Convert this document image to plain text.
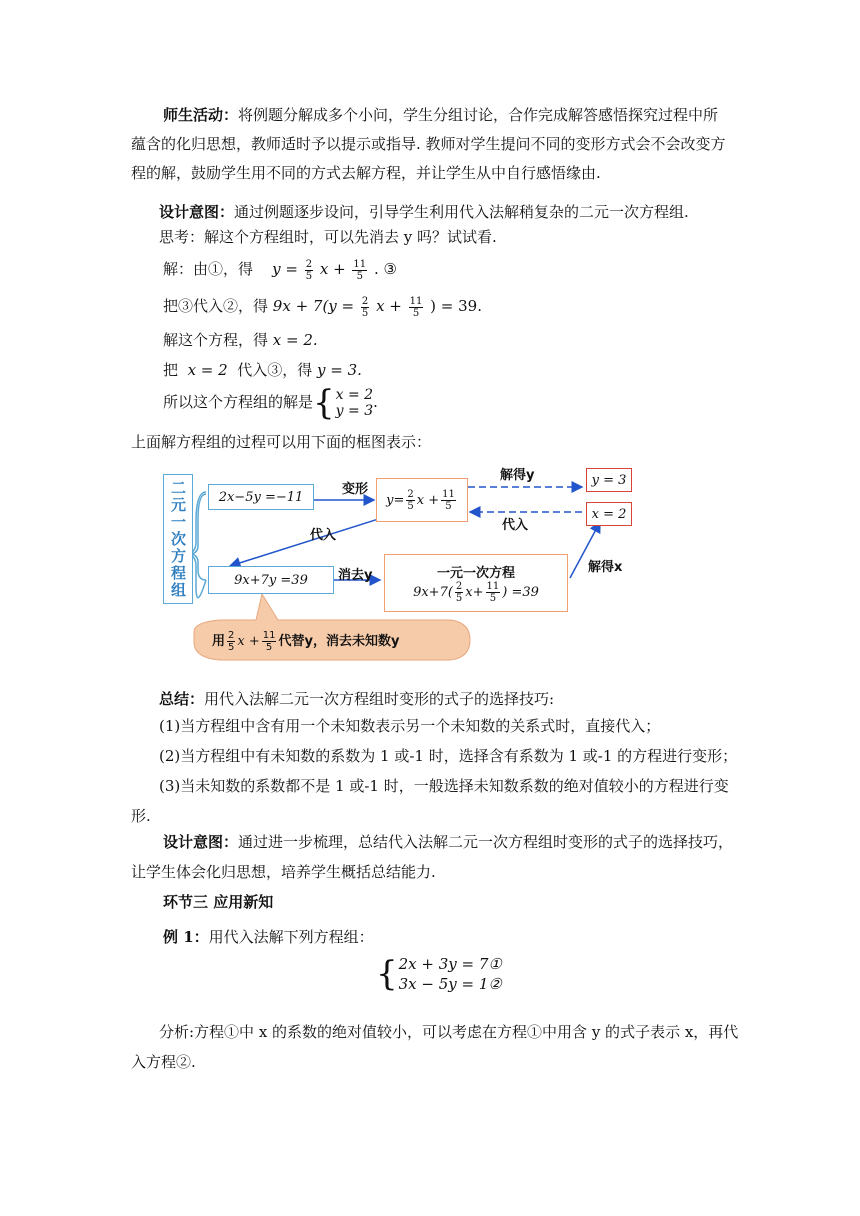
师生活动：将例题分解成多个小问，学生分组讨论，合作完成解答感悟探究过程中所

蕴含的化归思想，教师适时予以提示或指导. 教师对学生提问不同的变形方式会不会改变方

程的解，鼓励学生用不同的方式去解方程，并让学生从中自行感悟缘由.

设计意图：通过例题逐步设问，引导学生利用代入法解稍复杂的二元一次方程组.

思考：解这个方程组时，可以先消去 y 吗？试试看.

解：由①，得 $y = \frac{2}{5}$ $x + \frac{11}{5}$ . ③

把③代入②，得 $9x + 7(y = \frac{2}{5}$ $x + \frac{11}{5}$ ) = 39.

解这个方程，得 x = 2.

把 x = 2 代入③，得 y = 3.

所以这个方程组的解是 { x = 2
y = 3 .

上面解方程组的过程可以用下面的框图表示：

二元一次方程组	2x−5y =−11
9x+7y =39
$y= \frac{2}{5}$ $x + \frac{11}{5}$
y = 3
x = 2
一元一次方程
$9x+7( \frac{2}{5} x+ \frac{11}{5}$ ) =39
变形
解得y
代入
代入
消去y
解得x
用 $\frac{2}{5}$ $x + \frac{11}{5}$ 代替y，消去未知数y

总结：用代入法解二元一次方程组时变形的式子的选择技巧:

(1)当方程组中含有用一个未知数表示另一个未知数的关系式时，直接代入；

(2)当方程组中有未知数的系数为 1 或-1 时，选择含有系数为 1 或-1 的方程进行变形；

(3)当未知数的系数都不是 1 或-1 时，一般选择未知数系数的绝对值较小的方程进行变

形.

设计意图：通过进一步梳理，总结代入法解二元一次方程组时变形的式子的选择技巧，

让学生体会化归思想，培养学生概括总结能力.

环节三 应用新知

例 1：用代入法解下列方程组：

{ 2x + 3y = 7①
3x − 5y = 1②

分析:方程①中 x 的系数的绝对值较小，可以考虑在方程①中用含 y 的式子表示 x，再代

入方程②.
